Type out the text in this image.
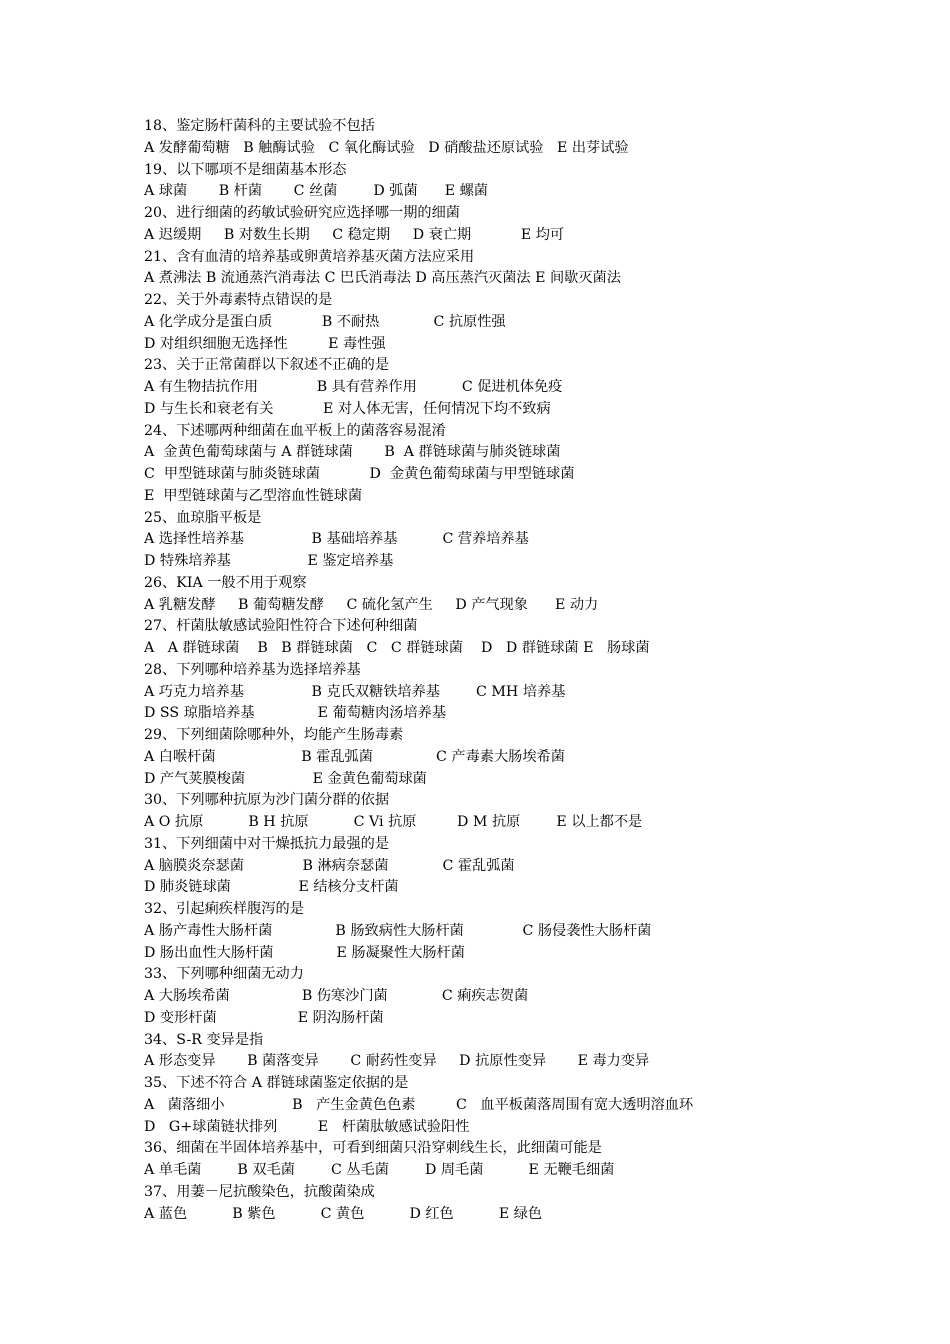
18、鉴定肠杆菌科的主要试验不包括
A 发酵葡萄糖   B 触酶试验   C 氧化酶试验   D 硝酸盐还原试验   E 出芽试验
19、以下哪项不是细菌基本形态
A 球菌       B 杆菌       C 丝菌        D 弧菌      E 螺菌
20、进行细菌的药敏试验研究应选择哪一期的细菌
A 迟缓期     B 对数生长期     C 稳定期     D 衰亡期           E 均可
21、含有血清的培养基或卵黄培养基灭菌方法应采用
A 煮沸法 B 流通蒸汽消毒法 C 巴氏消毒法 D 高压蒸汽灭菌法 E 间歇灭菌法
22、关于外毒素特点错误的是
A 化学成分是蛋白质           B 不耐热            C 抗原性强
D 对组织细胞无选择性         E 毒性强
23、关于正常菌群以下叙述不正确的是
A 有生物拮抗作用             B 具有营养作用          C 促进机体免疫
D 与生长和衰老有关           E 对人体无害，任何情况下均不致病
24、下述哪两种细菌在血平板上的菌落容易混淆
A  金黄色葡萄球菌与 A 群链球菌       B  A 群链球菌与肺炎链球菌
C  甲型链球菌与肺炎链球菌           D  金黄色葡萄球菌与甲型链球菌
E  甲型链球菌与乙型溶血性链球菌
25、血琼脂平板是
A 选择性培养基               B 基础培养基          C 营养培养基
D 特殊培养基                 E 鉴定培养基
26、KIA 一般不用于观察
A 乳糖发酵     B 葡萄糖发酵     C 硫化氢产生     D 产气现象      E 动力
27、杆菌肽敏感试验阳性符合下述何种细菌
A   A 群链球菌    B   B 群链球菌   C   C 群链球菌    D   D 群链球菌 E   肠球菌
28、下列哪种培养基为选择培养基
A 巧克力培养基               B 克氏双糖铁培养基        C MH 培养基
D SS 琼脂培养基              E 葡萄糖肉汤培养基
29、下列细菌除哪种外，均能产生肠毒素
A 白喉杆菌                   B 霍乱弧菌              C 产毒素大肠埃希菌
D 产气荚膜梭菌               E 金黄色葡萄球菌
30、下列哪种抗原为沙门菌分群的依据
A O 抗原          B H 抗原          C Vi 抗原         D M 抗原        E 以上都不是
31、下列细菌中对干燥抵抗力最强的是
A 脑膜炎奈瑟菌             B 淋病奈瑟菌            C 霍乱弧菌
D 肺炎链球菌               E 结核分支杆菌
32、引起痢疾样腹泻的是
A 肠产毒性大肠杆菌              B 肠致病性大肠杆菌             C 肠侵袭性大肠杆菌
D 肠出血性大肠杆菌              E 肠凝聚性大肠杆菌
33、下列哪种细菌无动力
A 大肠埃希菌                B 伤寒沙门菌            C 痢疾志贺菌
D 变形杆菌                  E 阴沟肠杆菌
34、S-R 变异是指
A 形态变异       B 菌落变异       C 耐药性变异     D 抗原性变异       E 毒力变异
35、下述不符合 A 群链球菌鉴定依据的是
A   菌落细小               B   产生金黄色色素         C   血平板菌落周围有宽大透明溶血环
D   G+球菌链状排列         E   杆菌肽敏感试验阳性
36、细菌在半固体培养基中，可看到细菌只沿穿刺线生长，此细菌可能是
A 单毛菌        B 双毛菌        C 丛毛菌        D 周毛菌          E 无鞭毛细菌
37、用萋－尼抗酸染色，抗酸菌染成
A 蓝色          B 紫色          C 黄色          D 红色          E 绿色
